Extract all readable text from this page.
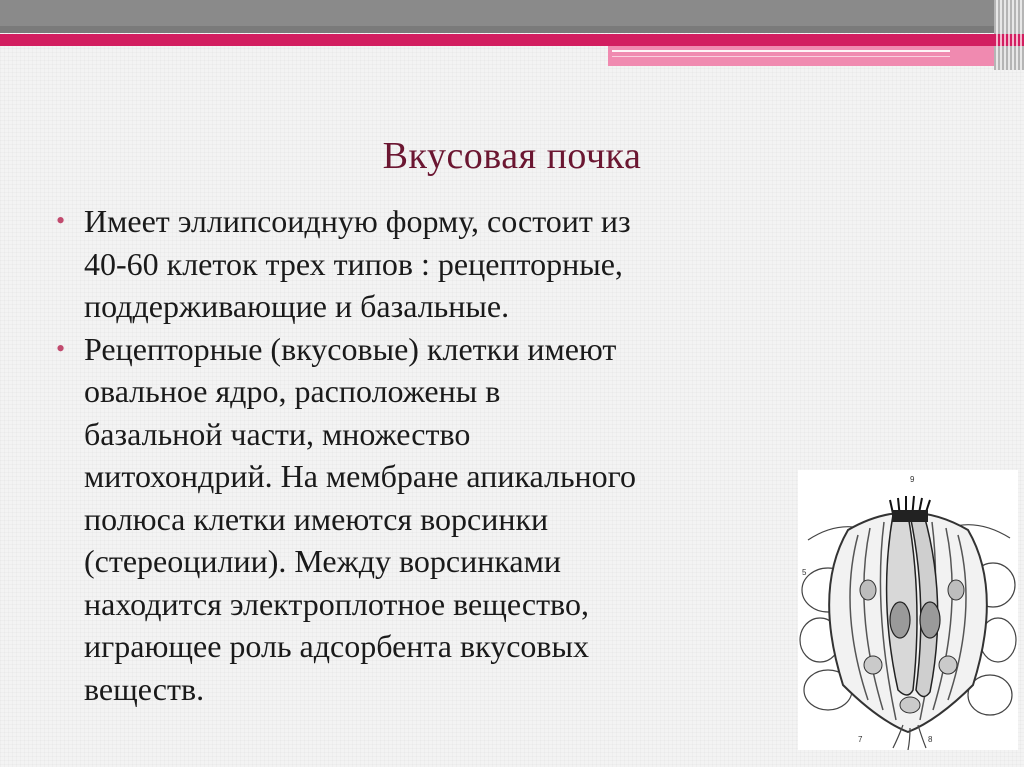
Вкусовая почка
• Имеет эллипсоидную форму, состоит из

40-60 клеток трех типов : рецепторные,

поддерживающие и базальные.

• Рецепторные (вкусовые) клетки имеют

овальное ядро, расположены в

базальной части, множество

митохондрий. На мембране апикального

полюса клетки имеются ворсинки

(стереоцилии). Между ворсинками

находится электроплотное вещество,

играющее роль адсорбента вкусовых

веществ.

9
5
7	8
